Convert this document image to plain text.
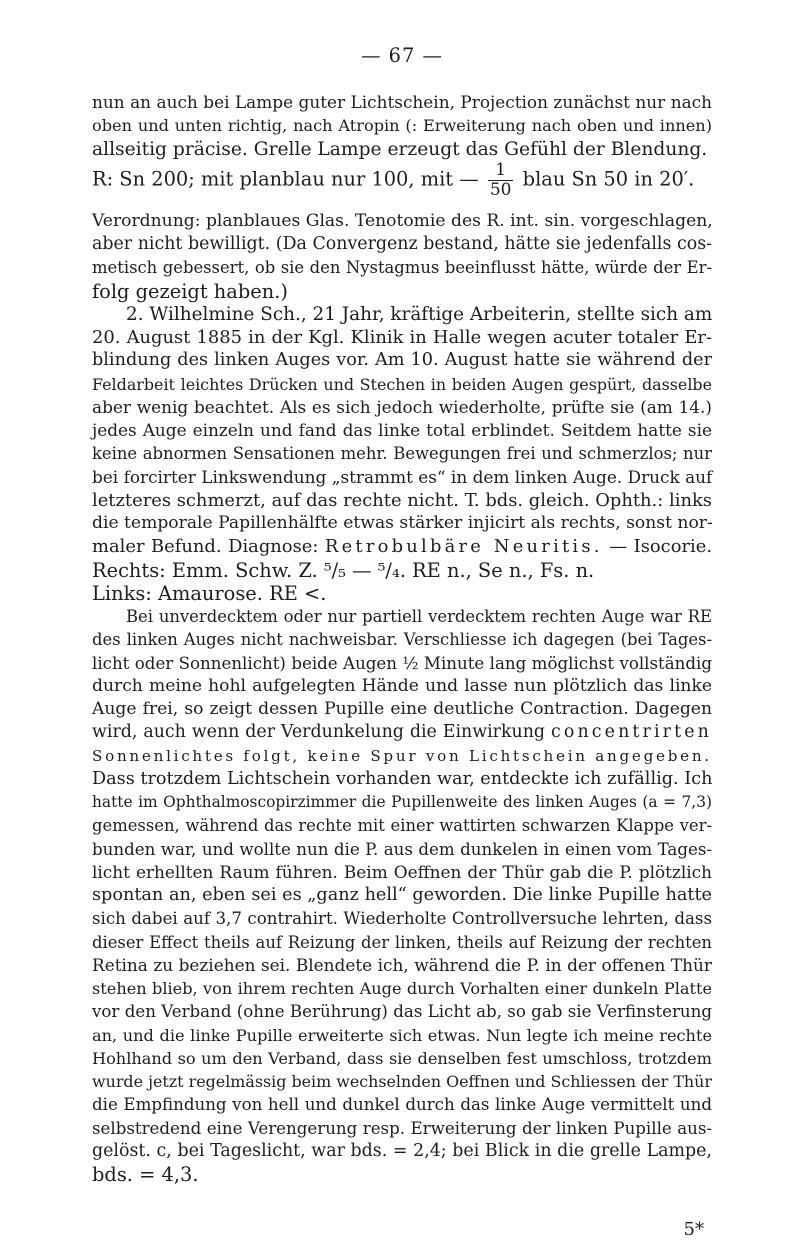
— 67 —
nun an auch bei Lampe guter Lichtschein, Projection zunächst nur nach
oben und unten richtig, nach Atropin (: Erweiterung nach oben und innen)
allseitig präcise. Grelle Lampe erzeugt das Gefühl der Blendung.
R: Sn 200; mit planblau nur 100, mit — $\frac{1}{50}$ blau Sn 50 in 20′.
Verordnung: planblaues Glas. Tenotomie des R. int. sin. vorgeschlagen,
aber nicht bewilligt. (Da Convergenz bestand, hätte sie jedenfalls cos-
metisch gebessert, ob sie den Nystagmus beeinflusst hätte, würde der Er-
folg gezeigt haben.)
2. Wilhelmine Sch., 21 Jahr, kräftige Arbeiterin, stellte sich am
20. August 1885 in der Kgl. Klinik in Halle wegen acuter totaler Er-
blindung des linken Auges vor. Am 10. August hatte sie während der
Feldarbeit leichtes Drücken und Stechen in beiden Augen gespürt, dasselbe
aber wenig beachtet. Als es sich jedoch wiederholte, prüfte sie (am 14.)
jedes Auge einzeln und fand das linke total erblindet. Seitdem hatte sie
keine abnormen Sensationen mehr. Bewegungen frei und schmerzlos; nur
bei forcirter Linkswendung „strammt es“ in dem linken Auge. Druck auf
letzteres schmerzt, auf das rechte nicht. T. bds. gleich. Ophth.: links
die temporale Papillenhälfte etwas stärker injicirt als rechts, sonst nor-
maler Befund. Diagnose: Retrobulbäre Neuritis. — Isocorie.
Rechts: Emm. Schw. Z. ⁵/₅ — ⁵/₄. RE n., Se n., Fs. n.
Links: Amaurose. RE <.
Bei unverdecktem oder nur partiell verdecktem rechten Auge war RE
des linken Auges nicht nachweisbar. Verschliesse ich dagegen (bei Tages-
licht oder Sonnenlicht) beide Augen ½ Minute lang möglichst vollständig
durch meine hohl aufgelegten Hände und lasse nun plötzlich das linke
Auge frei, so zeigt dessen Pupille eine deutliche Contraction. Dagegen
wird, auch wenn der Verdunkelung die Einwirkung concentrirten
Sonnenlichtes folgt, keine Spur von Lichtschein angegeben.
Dass trotzdem Lichtschein vorhanden war, entdeckte ich zufällig. Ich
hatte im Ophthalmoscopirzimmer die Pupillenweite des linken Auges (a = 7,3)
gemessen, während das rechte mit einer wattirten schwarzen Klappe ver-
bunden war, und wollte nun die P. aus dem dunkelen in einen vom Tages-
licht erhellten Raum führen. Beim Oeffnen der Thür gab die P. plötzlich
spontan an, eben sei es „ganz hell“ geworden. Die linke Pupille hatte
sich dabei auf 3,7 contrahirt. Wiederholte Controllversuche lehrten, dass
dieser Effect theils auf Reizung der linken, theils auf Reizung der rechten
Retina zu beziehen sei. Blendete ich, während die P. in der offenen Thür
stehen blieb, von ihrem rechten Auge durch Vorhalten einer dunkeln Platte
vor den Verband (ohne Berührung) das Licht ab, so gab sie Verfinsterung
an, und die linke Pupille erweiterte sich etwas. Nun legte ich meine rechte
Hohlhand so um den Verband, dass sie denselben fest umschloss, trotzdem
wurde jetzt regelmässig beim wechselnden Oeffnen und Schliessen der Thür
die Empfindung von hell und dunkel durch das linke Auge vermittelt und
selbstredend eine Verengerung resp. Erweiterung der linken Pupille aus-
gelöst. c, bei Tageslicht, war bds. = 2,4; bei Blick in die grelle Lampe,
bds. = 4,3.
5*
